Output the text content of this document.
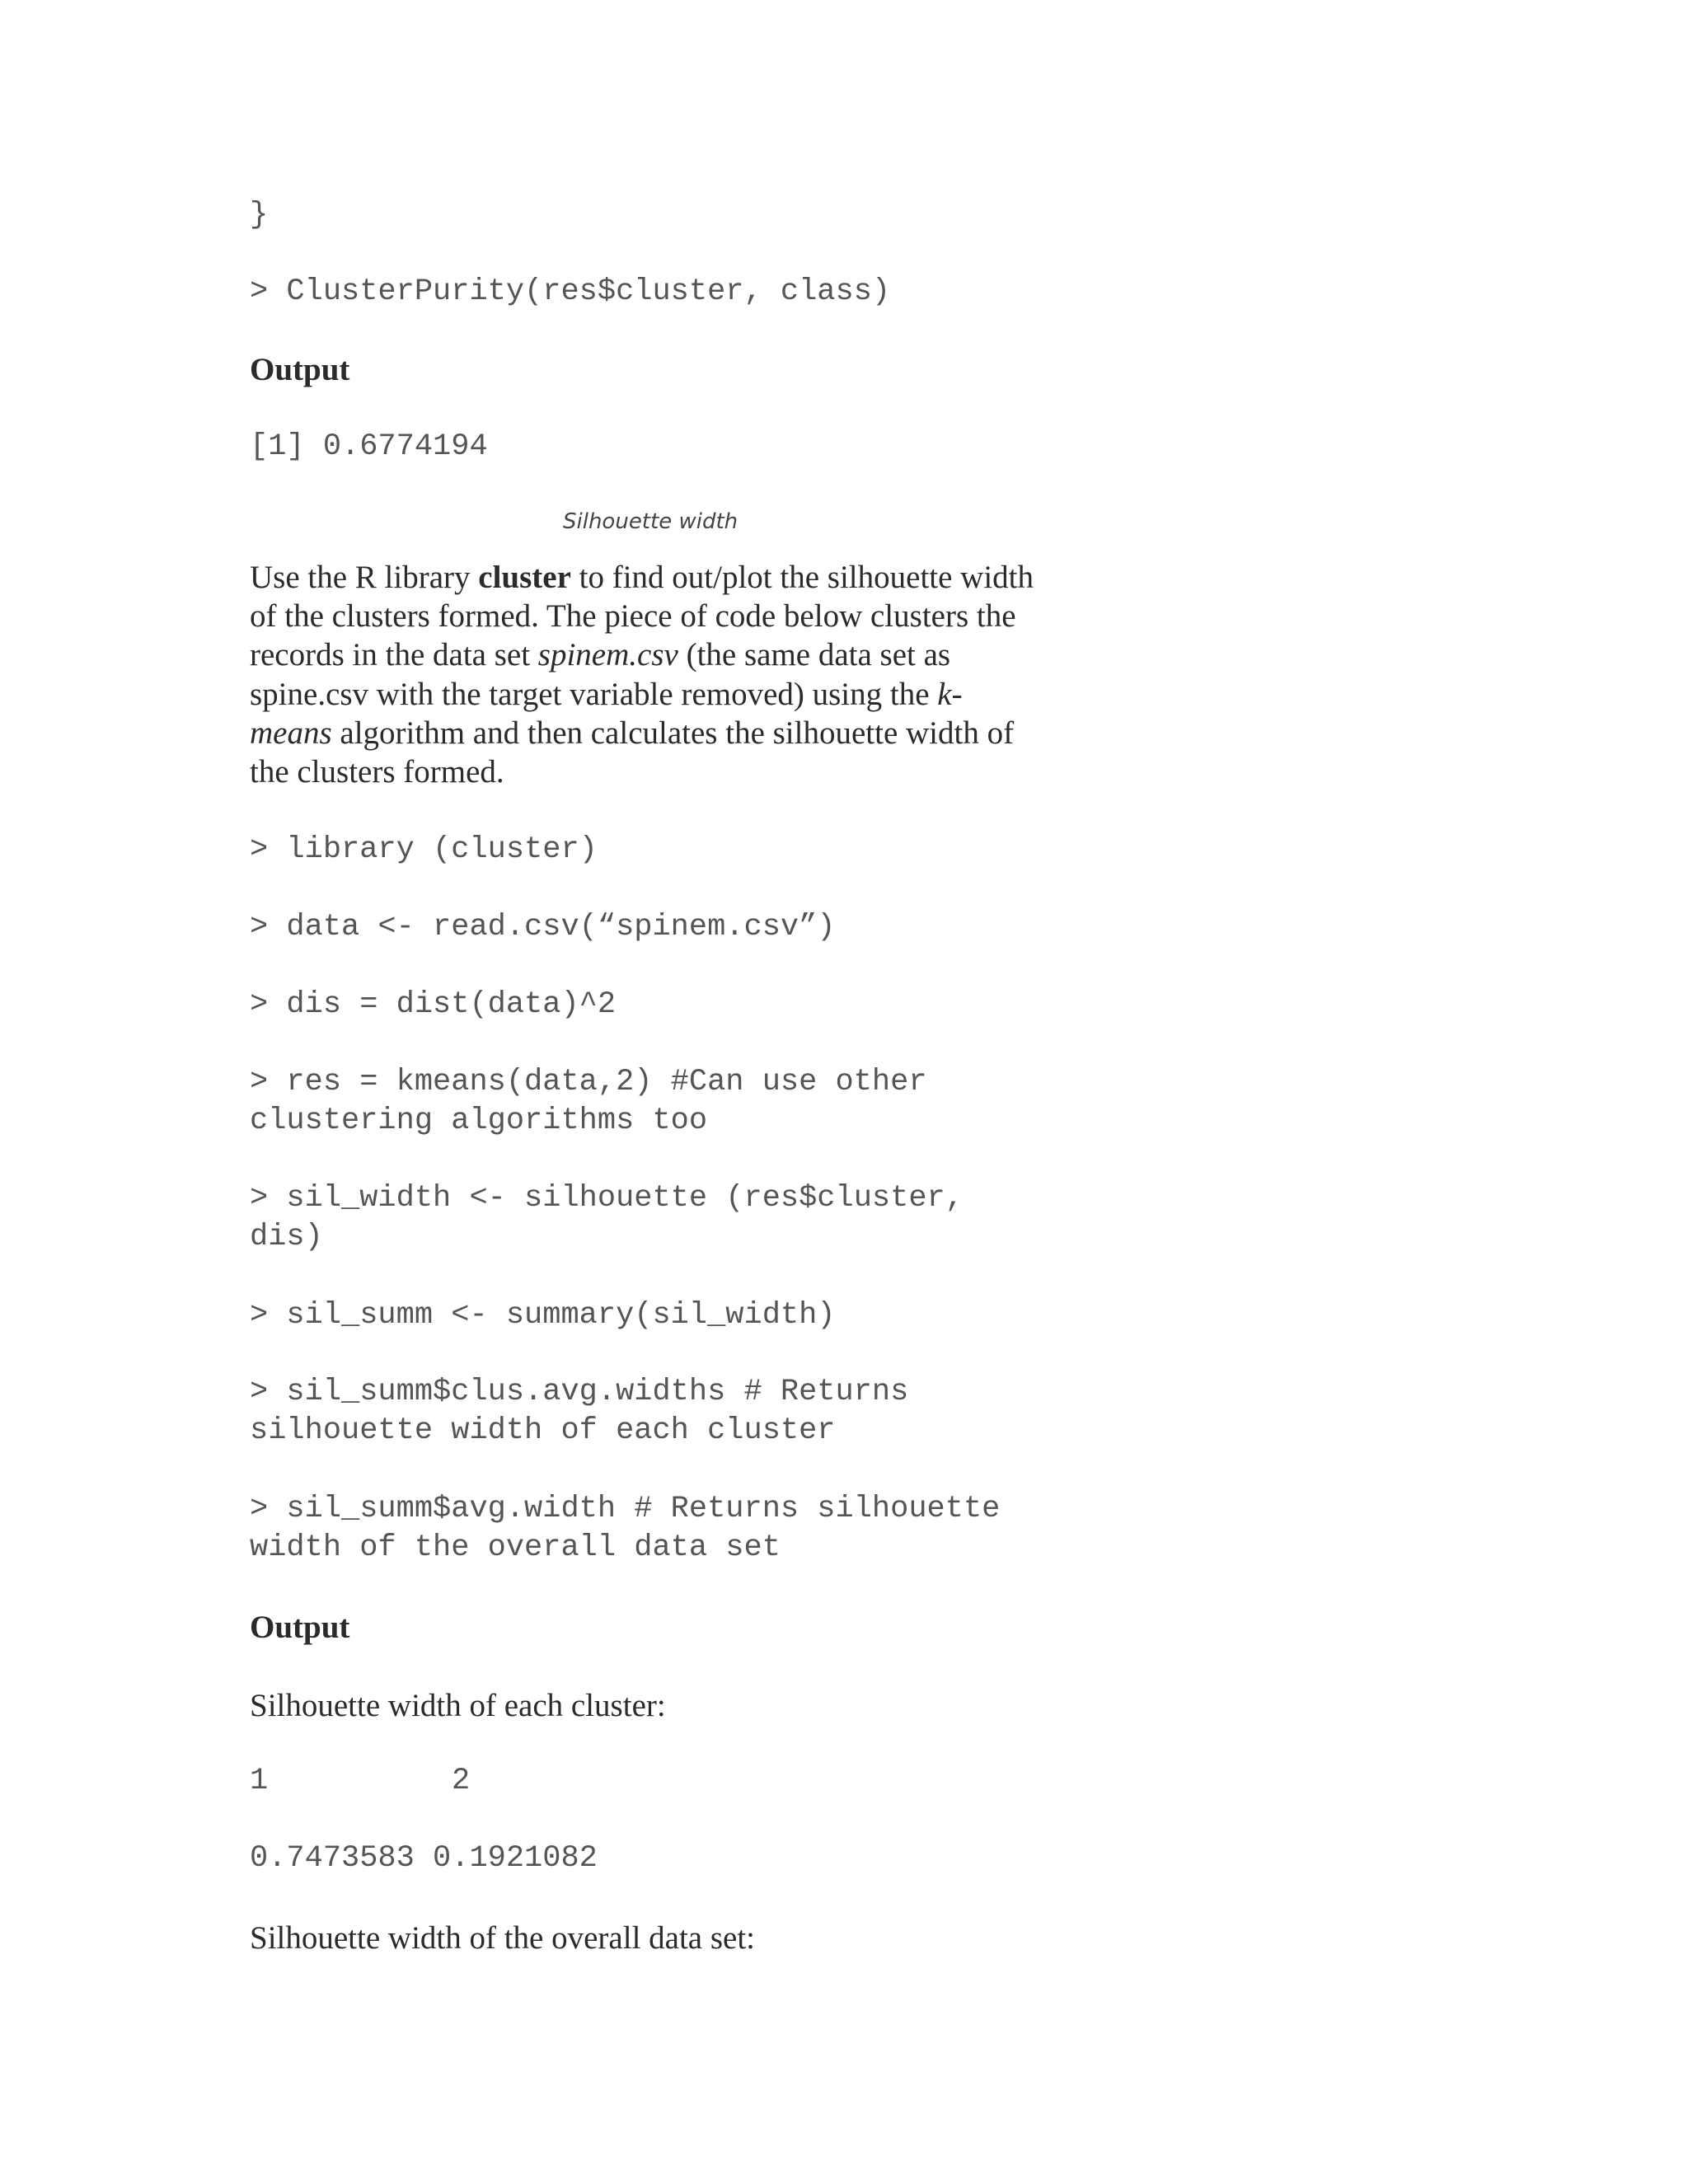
}

> ClusterPurity(res$cluster, class)

Output

[1] 0.6774194

Silhouette width

Use the R library cluster to find out/plot the silhouette width of the clusters formed. The piece of code below clusters the records in the data set spinem.csv (the same data set as spine.csv with the target variable removed) using the k-means algorithm and then calculates the silhouette width of the clusters formed.

> library (cluster)

> data <- read.csv(“spinem.csv”)

> dis = dist(data)^2

> res = kmeans(data,2) #Can use other

clustering algorithms too

> sil_width <- silhouette (res$cluster,

dis)

> sil_summ <- summary(sil_width)

> sil_summ$clus.avg.widths # Returns

silhouette width of each cluster

> sil_summ$avg.width # Returns silhouette

width of the overall data set

Output

Silhouette width of each cluster:

1	2

0.7473583 0.1921082

Silhouette width of the overall data set:
